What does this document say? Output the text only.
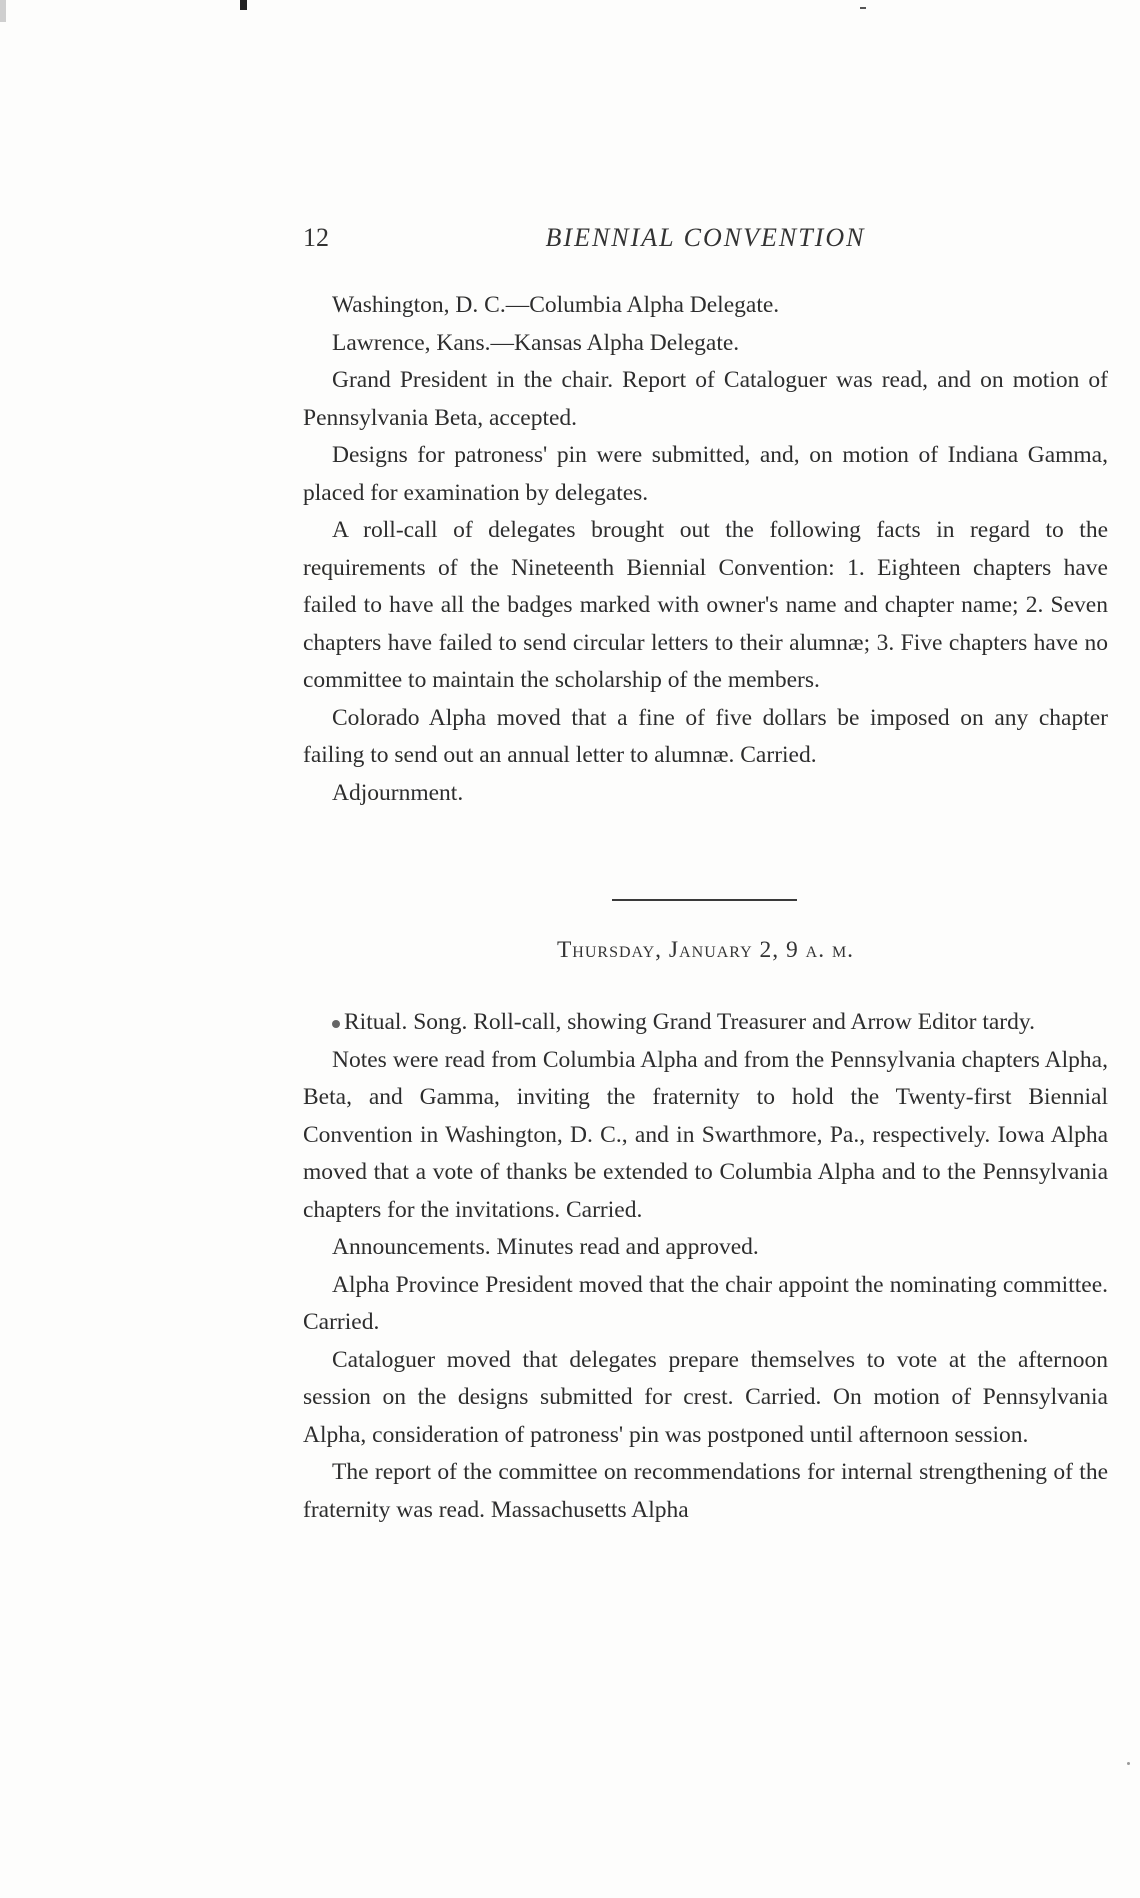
12	BIENNIAL CONVENTION

Washington, D. C.—Columbia Alpha Delegate.

Lawrence, Kans.—Kansas Alpha Delegate.

Grand President in the chair. Report of Cataloguer was read, and on motion of Pennsylvania Beta, accepted.

Designs for patroness' pin were submitted, and, on motion of Indiana Gamma, placed for examination by delegates.

A roll-call of delegates brought out the following facts in regard to the requirements of the Nineteenth Biennial Convention: 1. Eighteen chapters have failed to have all the badges marked with owner's name and chapter name; 2. Seven chapters have failed to send circular letters to their alumnæ; 3. Five chapters have no committee to maintain the scholarship of the members.

Colorado Alpha moved that a fine of five dollars be imposed on any chapter failing to send out an annual letter to alumnæ. Carried.

Adjournment.

Thursday, January 2, 9 a. m.

Ritual. Song. Roll-call, showing Grand Treasurer and Arrow Editor tardy.

Notes were read from Columbia Alpha and from the Pennsylvania chapters Alpha, Beta, and Gamma, inviting the fraternity to hold the Twenty-first Biennial Convention in Washington, D. C., and in Swarthmore, Pa., respectively. Iowa Alpha moved that a vote of thanks be extended to Columbia Alpha and to the Pennsylvania chapters for the invitations. Carried.

Announcements. Minutes read and approved.

Alpha Province President moved that the chair appoint the nominating committee. Carried.

Cataloguer moved that delegates prepare themselves to vote at the afternoon session on the designs submitted for crest. Carried. On motion of Pennsylvania Alpha, consideration of patroness' pin was postponed until afternoon session.

The report of the committee on recommendations for internal strengthening of the fraternity was read. Massachusetts Alpha
